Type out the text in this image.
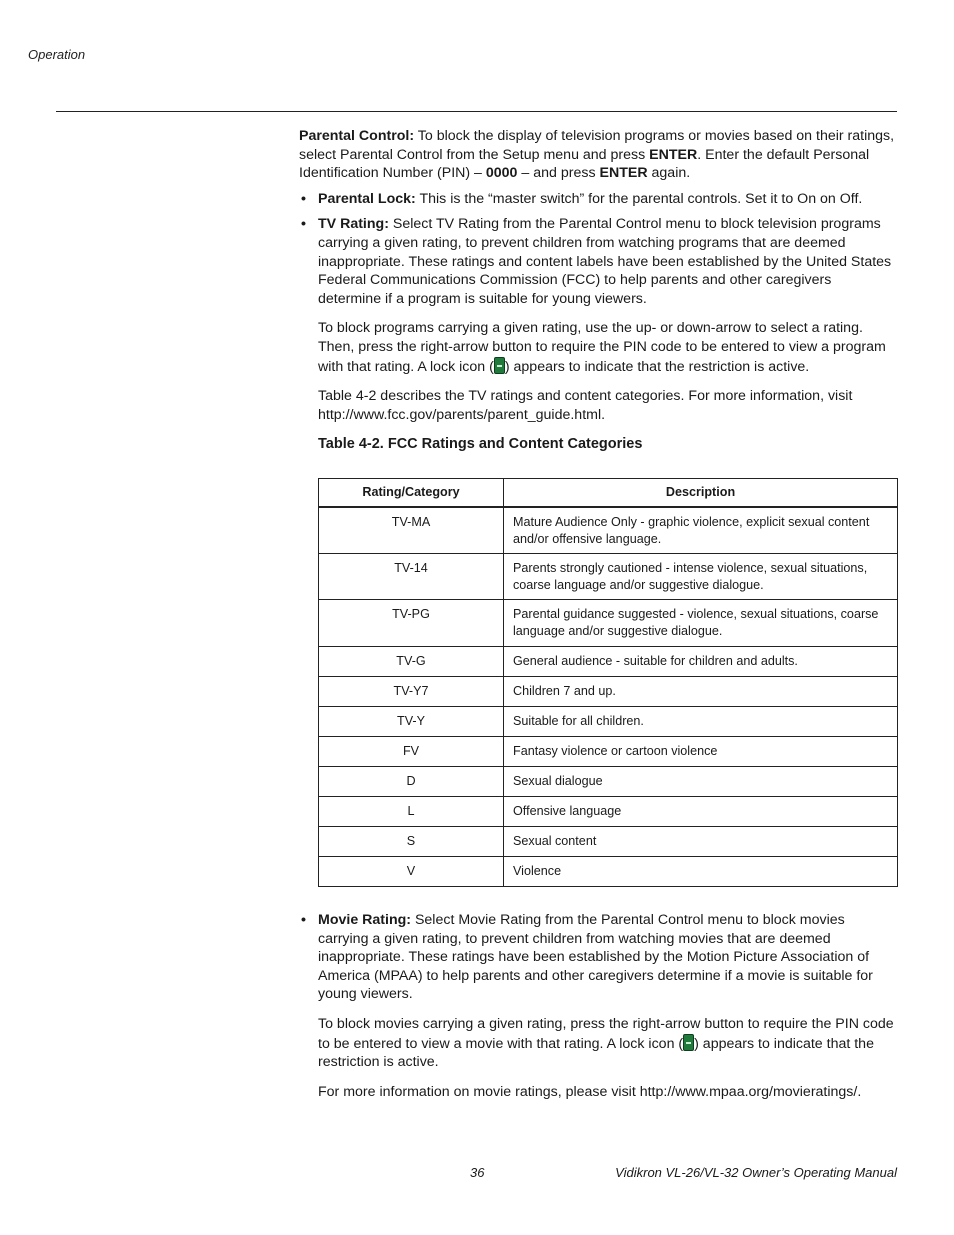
Operation

Parental Control: To block the display of television programs or movies based on their ratings, select Parental Control from the Setup menu and press ENTER. Enter the default Personal Identification Number (PIN) – 0000 – and press ENTER again.

• Parental Lock: This is the “master switch” for the parental controls. Set it to On on Off.
• TV Rating: Select TV Rating from the Parental Control menu to block television programs carrying a given rating, to prevent children from watching programs that are deemed inappropriate. These ratings and content labels have been established by the United States Federal Communications Commission (FCC) to help parents and other caregivers determine if a program is suitable for young viewers.

To block programs carrying a given rating, use the up- or down-arrow to select a rating. Then, press the right-arrow button to require the PIN code to be entered to view a program with that rating. A lock icon ( ) appears to indicate that the restriction is active.

Table 4-2 describes the TV ratings and content categories. For more information, visit http://www.fcc.gov/parents/parent_guide.html.

Table 4-2. FCC Ratings and Content Categories

Rating/Category	Description
TV-MA	Mature Audience Only - graphic violence, explicit sexual content and/or offensive language.
TV-14	Parents strongly cautioned - intense violence, sexual situations, coarse language and/or suggestive dialogue.
TV-PG	Parental guidance suggested - violence, sexual situations, coarse language and/or suggestive dialogue.
TV-G	General audience - suitable for children and adults.
TV-Y7	Children 7 and up.
TV-Y	Suitable for all children.
FV	Fantasy violence or cartoon violence
D	Sexual dialogue
L	Offensive language
S	Sexual content
V	Violence
• Movie Rating: Select Movie Rating from the Parental Control menu to block movies carrying a given rating, to prevent children from watching movies that are deemed inappropriate. These ratings have been established by the Motion Picture Association of America (MPAA) to help parents and other caregivers determine if a movie is suitable for young viewers.

To block movies carrying a given rating, press the right-arrow button to require the PIN code to be entered to view a movie with that rating. A lock icon ( ) appears to indicate that the restriction is active.

For more information on movie ratings, please visit http://www.mpaa.org/movieratings/.

36	Vidikron VL-26/VL-32 Owner’s Operating Manual
